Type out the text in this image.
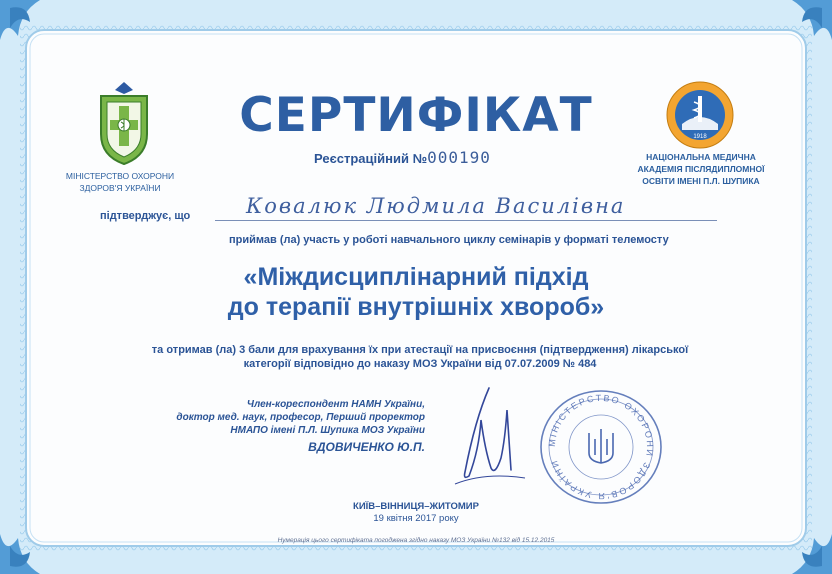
МІНІСТЕРСТВО ОХОРОНИ
ЗДОРОВ'Я УКРАЇНИ
1918
НАЦІОНАЛЬНА МЕДИЧНА
АКАДЕМІЯ ПІСЛЯДИПЛОМНОЇ
ОСВІТИ ІМЕНІ П.Л. ШУПИКА
СЕРТИФІКАТ
Реєстраційний №000190
підтверджує, що	Ковалюк Людмила Василівна
приймав (ла) участь у роботі навчального циклу семінарів у форматі телемосту
«Міждисциплінарний підхід
до терапії внутрішніх хвороб»
та отримав (ла) 3 бали для врахування їх при атестації на присвоєння (підтвердження) лікарської
категорії відповідно до наказу МОЗ України від 07.07.2009 № 484
Член-кореспондент НАМН України,
доктор мед. наук, професор, Перший проректор
НМАПО імені П.Л. Шупика МОЗ України
ВДОВИЧЕНКО Ю.П.	МІНІСТЕРСТВО ОХОРОНИ ЗДОРОВ'Я УКРАЇНИ
КИЇВ–ВІННИЦЯ–ЖИТОМИР
19 квітня 2017 року
Нумерація цього сертифіката погоджена згідно наказу МОЗ України №132 від 15.12.2015
